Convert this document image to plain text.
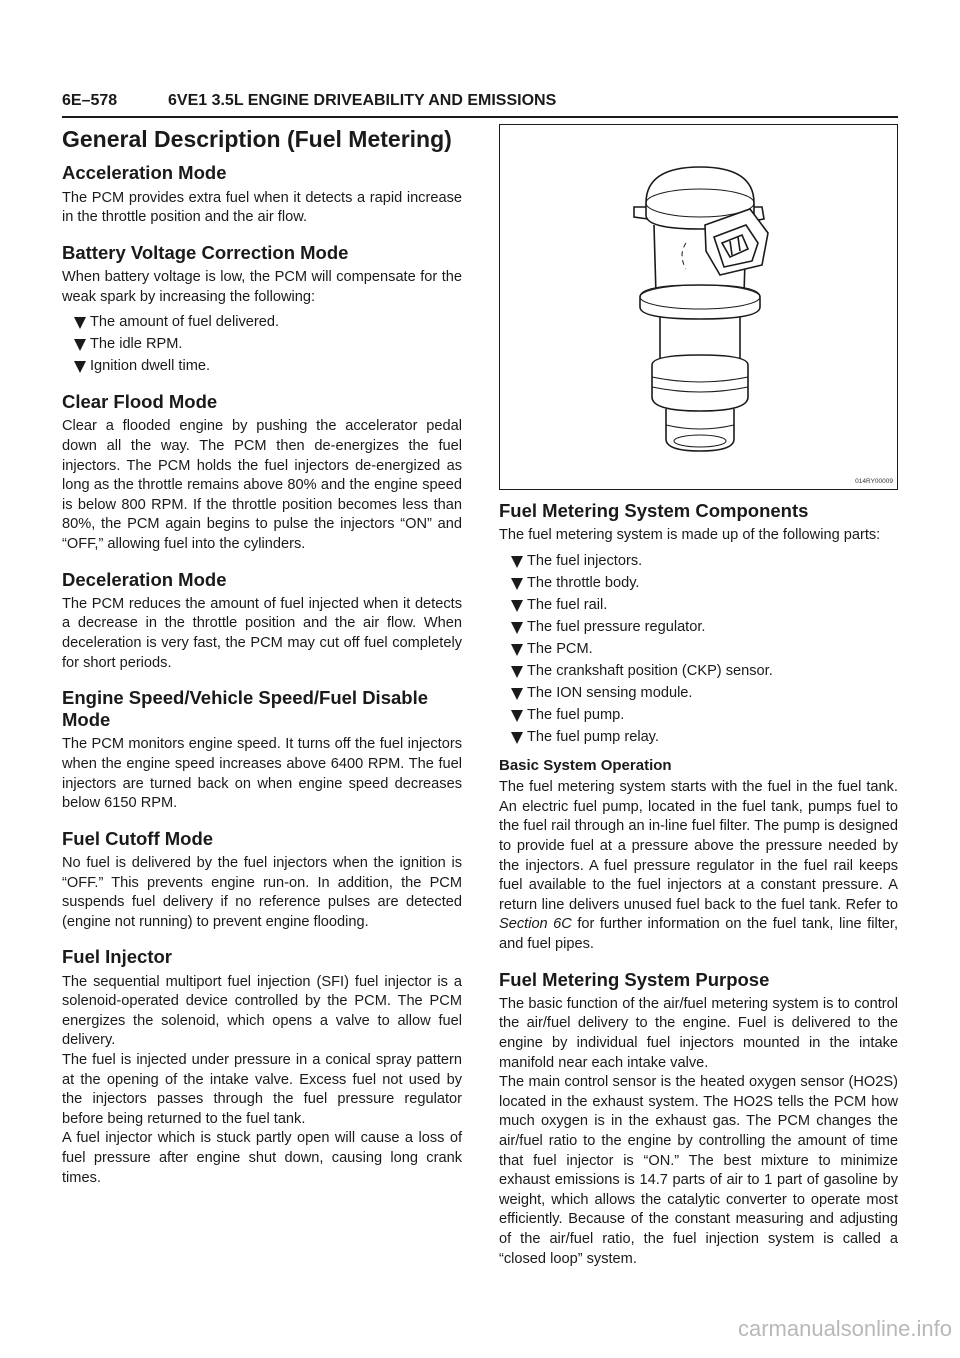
6E–578	6VE1 3.5L ENGINE DRIVEABILITY AND EMISSIONS
General Description (Fuel Metering)
Acceleration Mode

The PCM provides extra fuel when it detects a rapid increase in the throttle position and the air flow.

Battery Voltage Correction Mode

When battery voltage is low, the PCM will compensate for the weak spark by increasing the following:

The amount of fuel delivered.
The idle RPM.
Ignition dwell time.
Clear Flood Mode

Clear a flooded engine by pushing the accelerator pedal down all the way. The PCM then de-energizes the fuel injectors. The PCM holds the fuel injectors de-energized as long as the throttle remains above 80% and the engine speed is below 800 RPM. If the throttle position becomes less than 80%, the PCM again begins to pulse the injectors “ON” and “OFF,” allowing fuel into the cylinders.

Deceleration Mode

The PCM reduces the amount of fuel injected when it detects a decrease in the throttle position and the air flow. When deceleration is very fast, the PCM may cut off fuel completely for short periods.

Engine Speed/Vehicle Speed/Fuel Disable Mode

The PCM monitors engine speed. It turns off the fuel injectors when the engine speed increases above 6400 RPM. The fuel injectors are turned back on when engine speed decreases below 6150 RPM.

Fuel Cutoff Mode

No fuel is delivered by the fuel injectors when the ignition is “OFF.” This prevents engine run-on. In addition, the PCM suspends fuel delivery if no reference pulses are detected (engine not running) to prevent engine flooding.

Fuel Injector

The sequential multiport fuel injection (SFI) fuel injector is a solenoid-operated device controlled by the PCM. The PCM energizes the solenoid, which opens a valve to allow fuel delivery.

The fuel is injected under pressure in a conical spray pattern at the opening of the intake valve. Excess fuel not used by the injectors passes through the fuel pressure regulator before being returned to the fuel tank.

A fuel injector which is stuck partly open will cause a loss of fuel pressure after engine shut down, causing long crank times.

014RY00009
Fuel Metering System Components

The fuel metering system is made up of the following parts:

The fuel injectors.
The throttle body.
The fuel rail.
The fuel pressure regulator.
The PCM.
The crankshaft position (CKP) sensor.
The ION sensing module.
The fuel pump.
The fuel pump relay.
Basic System Operation

The fuel metering system starts with the fuel in the fuel tank. An electric fuel pump, located in the fuel tank, pumps fuel to the fuel rail through an in-line fuel filter. The pump is designed to provide fuel at a pressure above the pressure needed by the injectors. A fuel pressure regulator in the fuel rail keeps fuel available to the fuel injectors at a constant pressure. A return line delivers unused fuel back to the fuel tank. Refer to Section 6C for further information on the fuel tank, line filter, and fuel pipes.

Fuel Metering System Purpose

The basic function of the air/fuel metering system is to control the air/fuel delivery to the engine. Fuel is delivered to the engine by individual fuel injectors mounted in the intake manifold near each intake valve.

The main control sensor is the heated oxygen sensor (HO2S) located in the exhaust system. The HO2S tells the PCM how much oxygen is in the exhaust gas. The PCM changes the air/fuel ratio to the engine by controlling the amount of time that fuel injector is “ON.” The best mixture to minimize exhaust emissions is 14.7 parts of air to 1 part of gasoline by weight, which allows the catalytic converter to operate most efficiently. Because of the constant measuring and adjusting of the air/fuel ratio, the fuel injection system is called a “closed loop” system.

carmanualsonline.info
